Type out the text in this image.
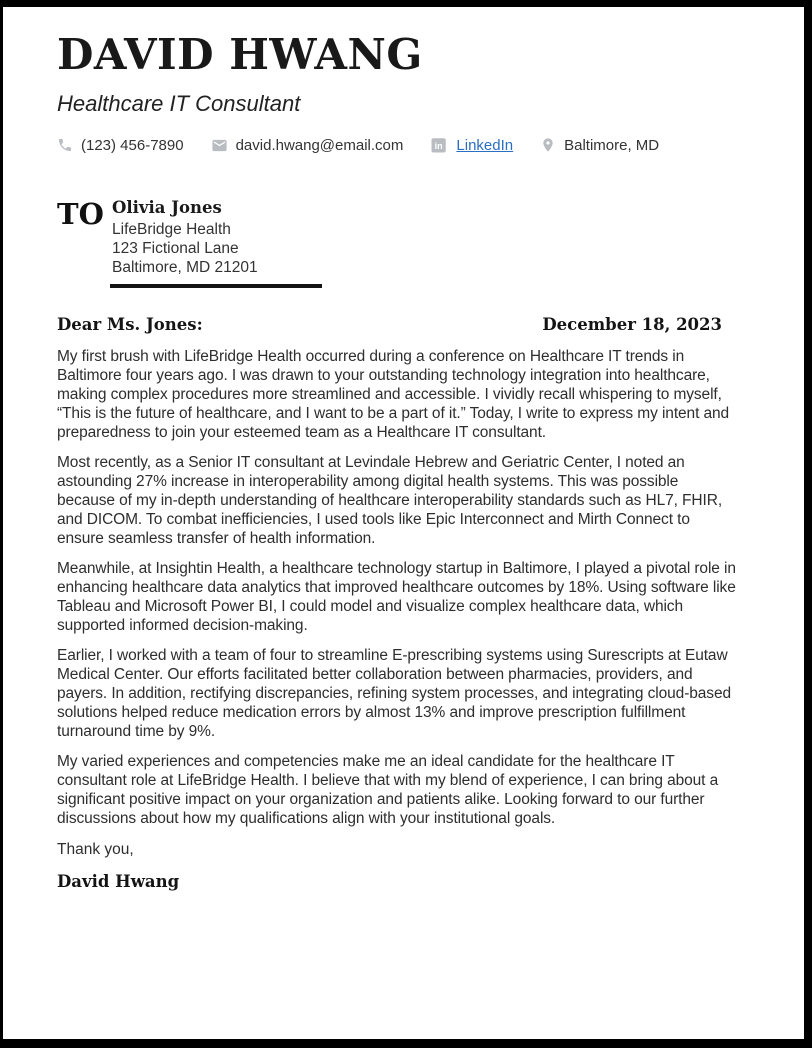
DAVID HWANG
Healthcare IT Consultant
(123) 456-7890	david.hwang@email.com	in LinkedIn	Baltimore, MD
TO Olivia Jones
LifeBridge Health
123 Fictional Lane
Baltimore, MD 21201
Dear Ms. Jones:	December 18, 2023

My first brush with LifeBridge Health occurred during a conference on Healthcare IT trends in Baltimore four years ago. I was drawn to your outstanding technology integration into healthcare, making complex procedures more streamlined and accessible. I vividly recall whispering to myself, “This is the future of healthcare, and I want to be a part of it.” Today, I write to express my intent and preparedness to join your esteemed team as a Healthcare IT consultant.

Most recently, as a Senior IT consultant at Levindale Hebrew and Geriatric Center, I noted an astounding 27% increase in interoperability among digital health systems. This was possible because of my in-depth understanding of healthcare interoperability standards such as HL7, FHIR, and DICOM. To combat inefficiencies, I used tools like Epic Interconnect and Mirth Connect to ensure seamless transfer of health information.

Meanwhile, at Insightin Health, a healthcare technology startup in Baltimore, I played a pivotal role in enhancing healthcare data analytics that improved healthcare outcomes by 18%. Using software like Tableau and Microsoft Power BI, I could model and visualize complex healthcare data, which supported informed decision-making.

Earlier, I worked with a team of four to streamline E-prescribing systems using Surescripts at Eutaw Medical Center. Our efforts facilitated better collaboration between pharmacies, providers, and payers. In addition, rectifying discrepancies, refining system processes, and integrating cloud-based solutions helped reduce medication errors by almost 13% and improve prescription fulfillment turnaround time by 9%.

My varied experiences and competencies make me an ideal candidate for the healthcare IT consultant role at LifeBridge Health. I believe that with my blend of experience, I can bring about a significant positive impact on your organization and patients alike. Looking forward to our further discussions about how my qualifications align with your institutional goals.

Thank you,
David Hwang
